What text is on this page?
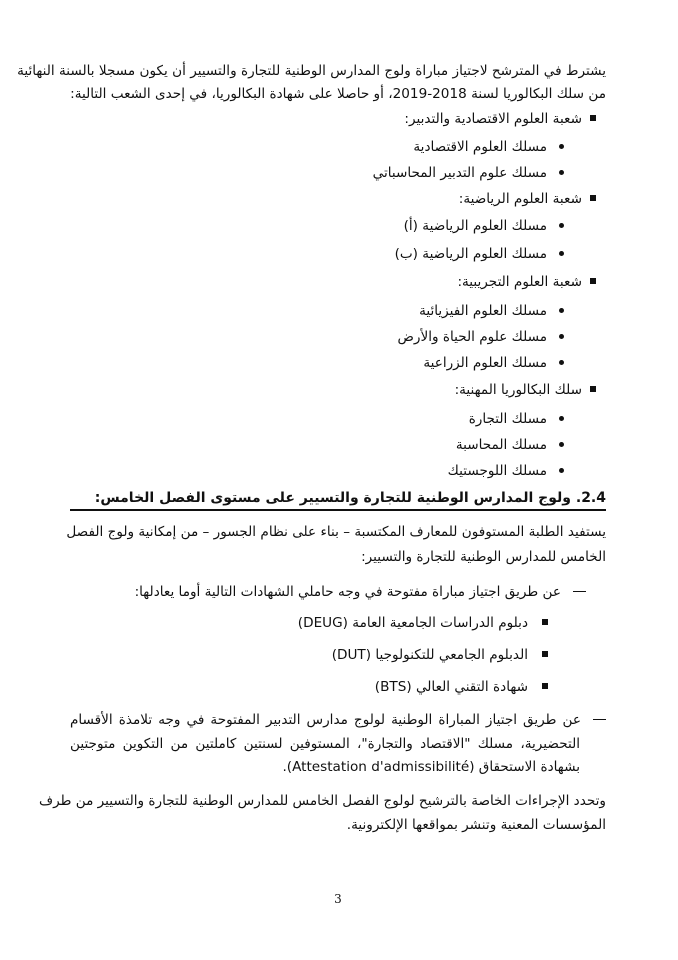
يشترط في المترشح لاجتياز مباراة ولوج المدارس الوطنية للتجارة والتسيير أن يكون مسجلا بالسنة النهائية
من سلك البكالوريا لسنة 2018-2019، أو حاصلا على شهادة البكالوريا، في إحدى الشعب التالية:
شعبة العلوم الاقتصادية والتدبير:
مسلك العلوم الاقتصادية
مسلك علوم التدبير المحاسباتي
شعبة العلوم الرياضية:
مسلك العلوم الرياضية (أ)
مسلك العلوم الرياضية (ب)
شعبة العلوم التجريبية:
مسلك العلوم الفيزيائية
مسلك علوم الحياة والأرض
مسلك العلوم الزراعية
سلك البكالوريا المهنية:
مسلك التجارة
مسلك المحاسبة
مسلك اللوجستيك
2.4. ولوج المدارس الوطنية للتجارة والتسيير على مستوى الفصل الخامس:
يستفيد الطلبة المستوفون للمعارف المكتسبة – بناء على نظام الجسور – من إمكانية ولوج الفصل
الخامس للمدارس الوطنية للتجارة والتسيير:
عن طريق اجتياز مباراة مفتوحة في وجه حاملي الشهادات التالية أوما يعادلها:
دبلوم الدراسات الجامعية العامة (DEUG)
الدبلوم الجامعي للتكنولوجيا (DUT)
شهادة التقني العالي (BTS)
عن طريق اجتياز المباراة الوطنية لولوج مدارس التدبير المفتوحة في وجه تلامذة الأقسام
التحضيرية، مسلك "الاقتصاد والتجارة"، المستوفين لسنتين كاملتين من التكوين متوجتين
بشهادة الاستحقاق (Attestation d'admissibilité).
وتحدد الإجراءات الخاصة بالترشيح لولوج الفصل الخامس للمدارس الوطنية للتجارة والتسيير من طرف
المؤسسات المعنية وتنشر بمواقعها الإلكترونية.
3
